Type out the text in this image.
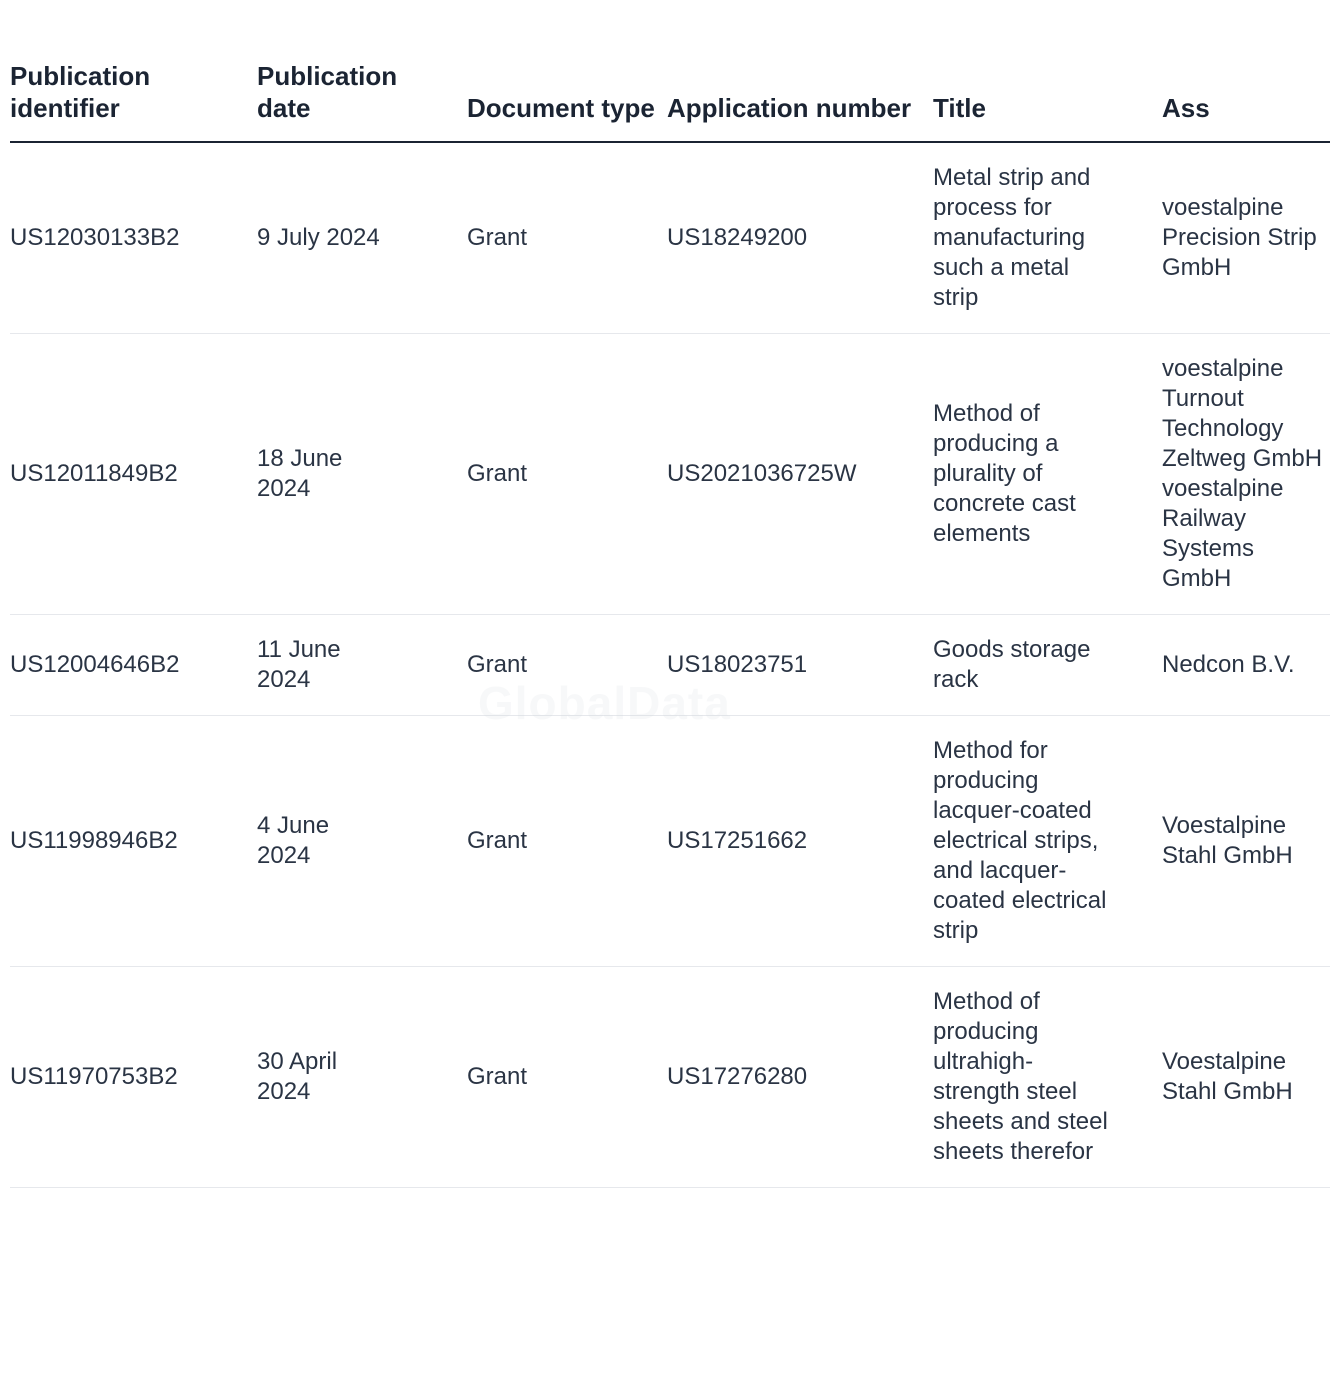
Publication identifier	Publication date	Document type	Application number	Title	Ass

US12030133B2	9 July 2024	Grant	US18249200	Metal strip and process for manufacturing such a metal strip	voestalpine Precision Strip GmbH
US12011849B2	18 June 2024	Grant	US2021036725W	Method of producing a plurality of concrete cast elements	voestalpine Turnout Technology Zeltweg GmbH voestalpine Railway Systems GmbH
US12004646B2	11 June 2024	Grant	US18023751	Goods storage rack	Nedcon B.V.
US11998946B2	4 June 2024	Grant	US17251662	Method for producing lacquer-coated electrical strips, and lacquer-coated electrical strip	Voestalpine Stahl GmbH
US11970753B2	30 April 2024	Grant	US17276280	Method of producing ultrahigh-strength steel sheets and steel sheets therefor	Voestalpine Stahl GmbH
GlobalData
